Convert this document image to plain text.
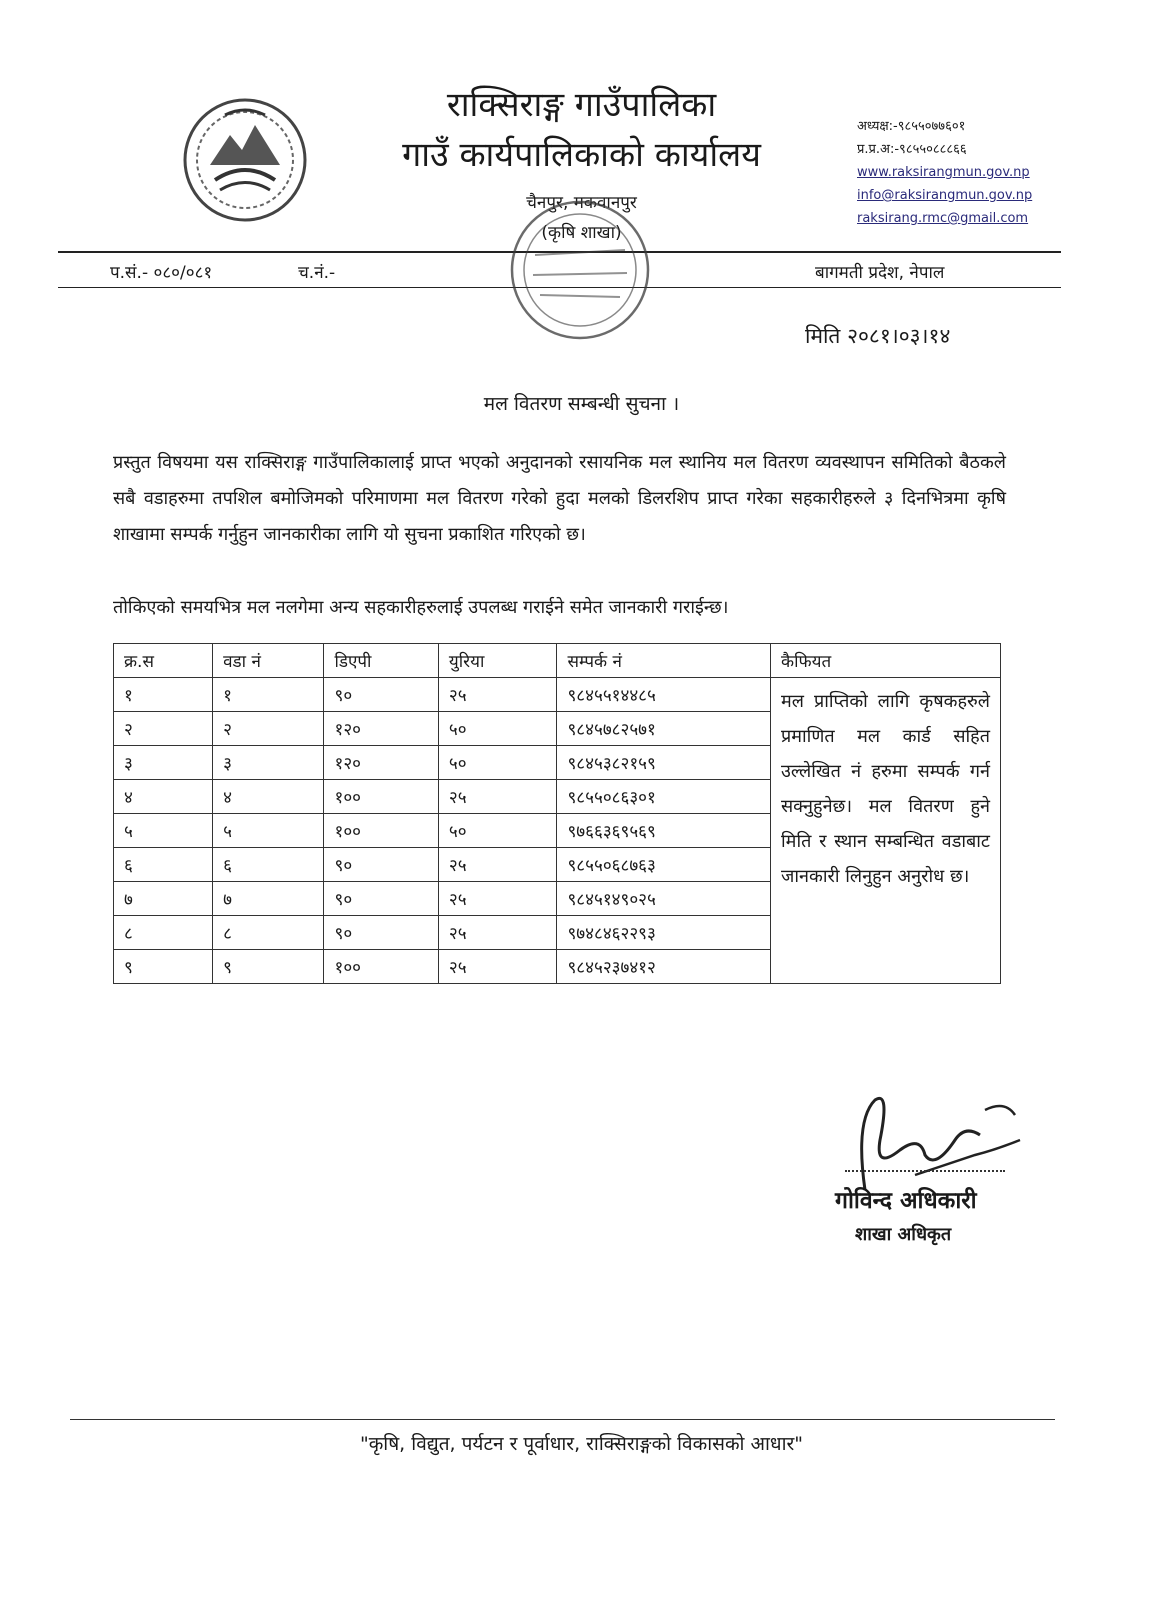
राक्सिराङ्ग गाउँपालिका
गाउँ कार्यपालिकाको कार्यालय
चैनपुर, मकवानपुर
(कृषि शाखा)
अध्यक्ष:-९८५५०७७६०१
प्र.प्र.अ:-९८५५०८८८६६
www.raksirangmun.gov.np
info@raksirangmun.gov.np
raksirang.rmc@gmail.com
प.सं.- ०८०/०८१	च.नं.-	बागमती प्रदेश, नेपाल
मिति २०८१।०३।१४
मल वितरण सम्बन्धी सुचना ।
प्रस्तुत विषयमा यस राक्सिराङ्ग गाउँपालिकालाई प्राप्त भएको अनुदानको रसायनिक मल स्थानिय मल वितरण व्यवस्थापन समितिको बैठकले सबै वडाहरुमा तपशिल बमोजिमको परिमाणमा मल वितरण गरेको हुदा मलको डिलरशिप प्राप्त गरेका सहकारीहरुले ३ दिनभित्रमा कृषि शाखामा सम्पर्क गर्नुहुन जानकारीका लागि यो सुचना प्रकाशित गरिएको छ।
तोकिएको समयभित्र मल नलगेमा अन्य सहकारीहरुलाई उपलब्ध गराईने समेत जानकारी गराईन्छ।
क्र.स	वडा नं	डिएपी	युरिया	सम्पर्क नं	कैफियत
१	१	९०	२५	९८४५५१४४८५	मल प्राप्तिको लागि कृषकहरुले प्रमाणित मल कार्ड सहित उल्लेखित नं हरुमा सम्पर्क गर्न सक्नुहुनेछ। मल वितरण हुने मिति र स्थान सम्बन्धित वडाबाट जानकारी लिनुहुन अनुरोध छ।
२	२	१२०	५०	९८४५७८२५७१	
३	३	१२०	५०	९८४५३८२१५९	
४	४	१००	२५	९८५५०८६३०१	
५	५	१००	५०	९७६६३६९५६९	
६	६	९०	२५	९८५५०६८७६३	
७	७	९०	२५	९८४५१४९०२५	
८	८	९०	२५	९७४८४६२२९३	
९	९	१००	२५	९८४५२३७४१२	
गोविन्द अधिकारी
शाखा अधिकृत
"कृषि, विद्युत, पर्यटन र पूर्वाधार, राक्सिराङ्गको विकासको आधार"
